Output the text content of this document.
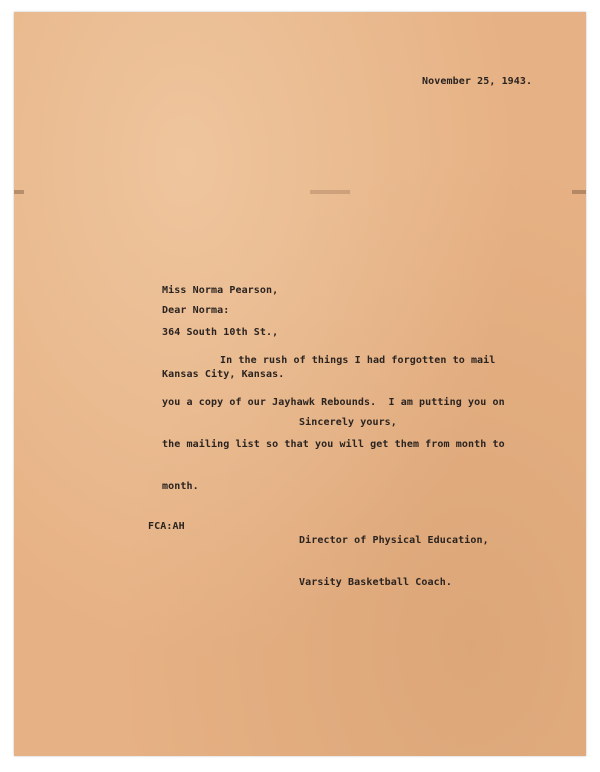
November 25, 1943.

Miss Norma Pearson,

364 South 10th St.,

Kansas City, Kansas.

Dear Norma:

In the rush of things I had forgotten to mail

you a copy of our Jayhawk Rebounds.  I am putting you on

the mailing list so that you will get them from month to

month.

Sincerely yours,

Director of Physical Education,

Varsity Basketball Coach.

FCA:AH
